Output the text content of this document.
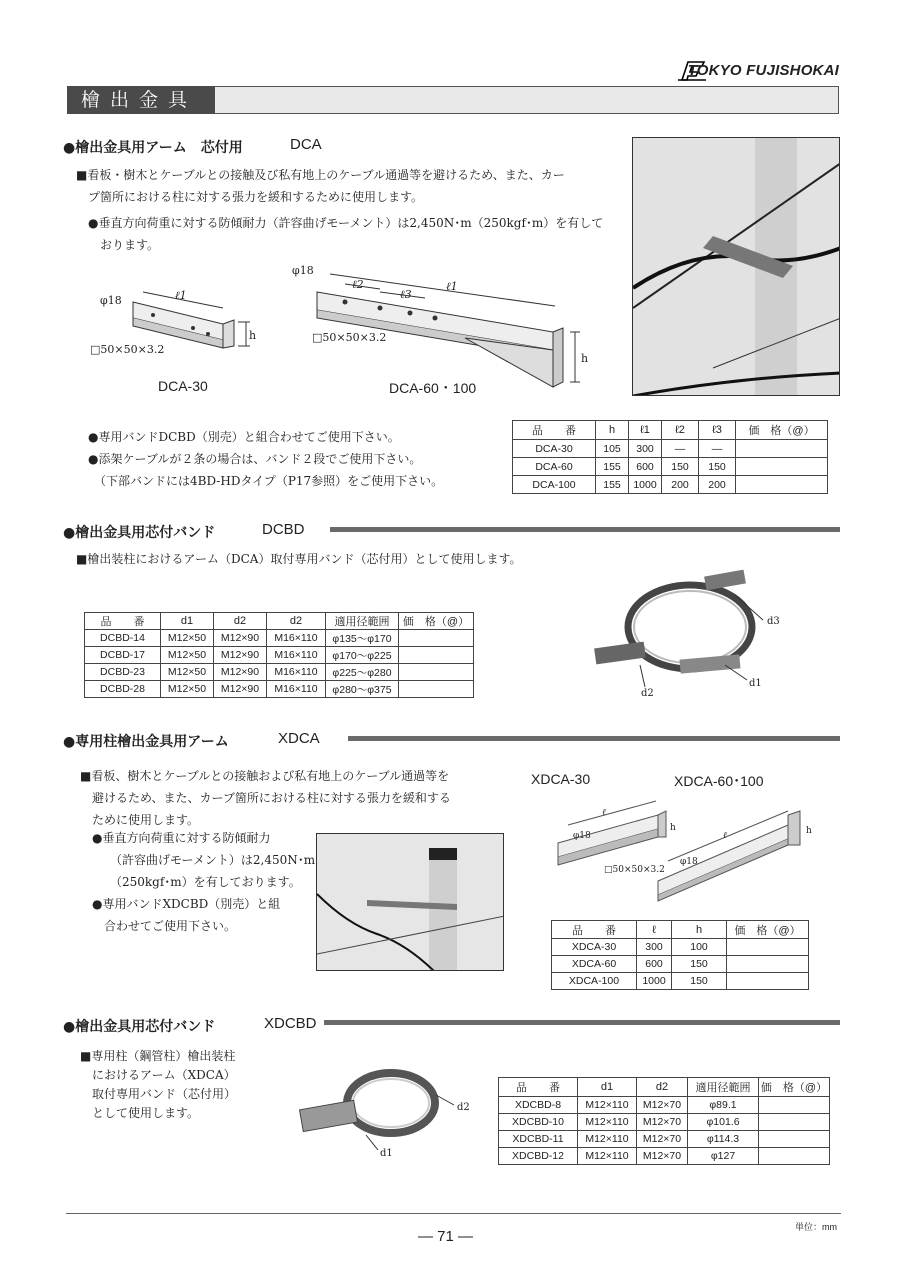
TOKYO FUJISHOKAI
檜出金具
●檜出金具用アーム　芯付用	DCA
■看板・樹木とケーブルとの接触及び私有地上のケーブル通過等を避けるため、また、カー
プ箇所における柱に対する張力を緩和するために使用します。
●垂直方向荷重に対する防傾耐力（許容曲げモーメント）は2,450N･m（250kgf･m）を有して
おります。
φ18	ℓ1
h
□50×50×3.2
DCA-30
φ18
ℓ2
ℓ3
ℓ1
h
□50×50×3.2
DCA-60・100
●専用バンドDCBD（別売）と組合わせてご使用下さい。
●添架ケーブルが２条の場合は、バンド２段でご使用下さい。
（下部バンドには4BD-HDタイプ（P17参照）をご使用下さい。
品　　番	h	ℓ1	ℓ2	ℓ3	価　格（@）
DCA-30	105	300	—	—	
DCA-60	155	600	150	150	
DCA-100	155	1000	200	200	
●檜出金具用芯付バンド	DCBD
■檜出装柱におけるアーム（DCA）取付専用バンド（芯付用）として使用します。
品　　番	d1	d2	d2	適用径範囲	価　格（@）
DCBD-14	M12×50	M12×90	M16×110	φ135～φ170	
DCBD-17	M12×50	M12×90	M16×110	φ170～φ225	
DCBD-23	M12×50	M12×90	M16×110	φ225～φ280	
DCBD-28	M12×50	M12×90	M16×110	φ280～φ375	
d3
d1
d2
●専用柱檜出金具用アーム	XDCA
■看板、樹木とケーブルとの接触および私有地上のケーブル通過等を
避けるため、また、カーブ箇所における柱に対する張力を緩和する
ために使用します。
●垂直方向荷重に対する防傾耐力
（許容曲げモーメント）は2,450N･m
（250kgf･m）を有しております。
●専用バンドXDCBD（別売）と組
合わせてご使用下さい。
XDCA-30	XDCA-60･100
φ18
ℓ
h
□50×50×3.2
ℓ	h
φ18
品　　番	ℓ	h	価　格（@）
XDCA-30	300	100	
XDCA-60	600	150	
XDCA-100	1000	150	
●檜出金具用芯付バンド	XDCBD
■専用柱（鋼管柱）檜出装柱
におけるアーム（XDCA）
取付専用バンド（芯付用）
として使用します。	d2
d1
品　　番	d1	d2	適用径範囲	価　格（@）
XDCBD-8	M12×110	M12×70	φ89.1	
XDCBD-10	M12×110	M12×70	φ101.6	
XDCBD-11	M12×110	M12×70	φ114.3	
XDCBD-12	M12×110	M12×70	φ127	
単位：mm
— 71 —
